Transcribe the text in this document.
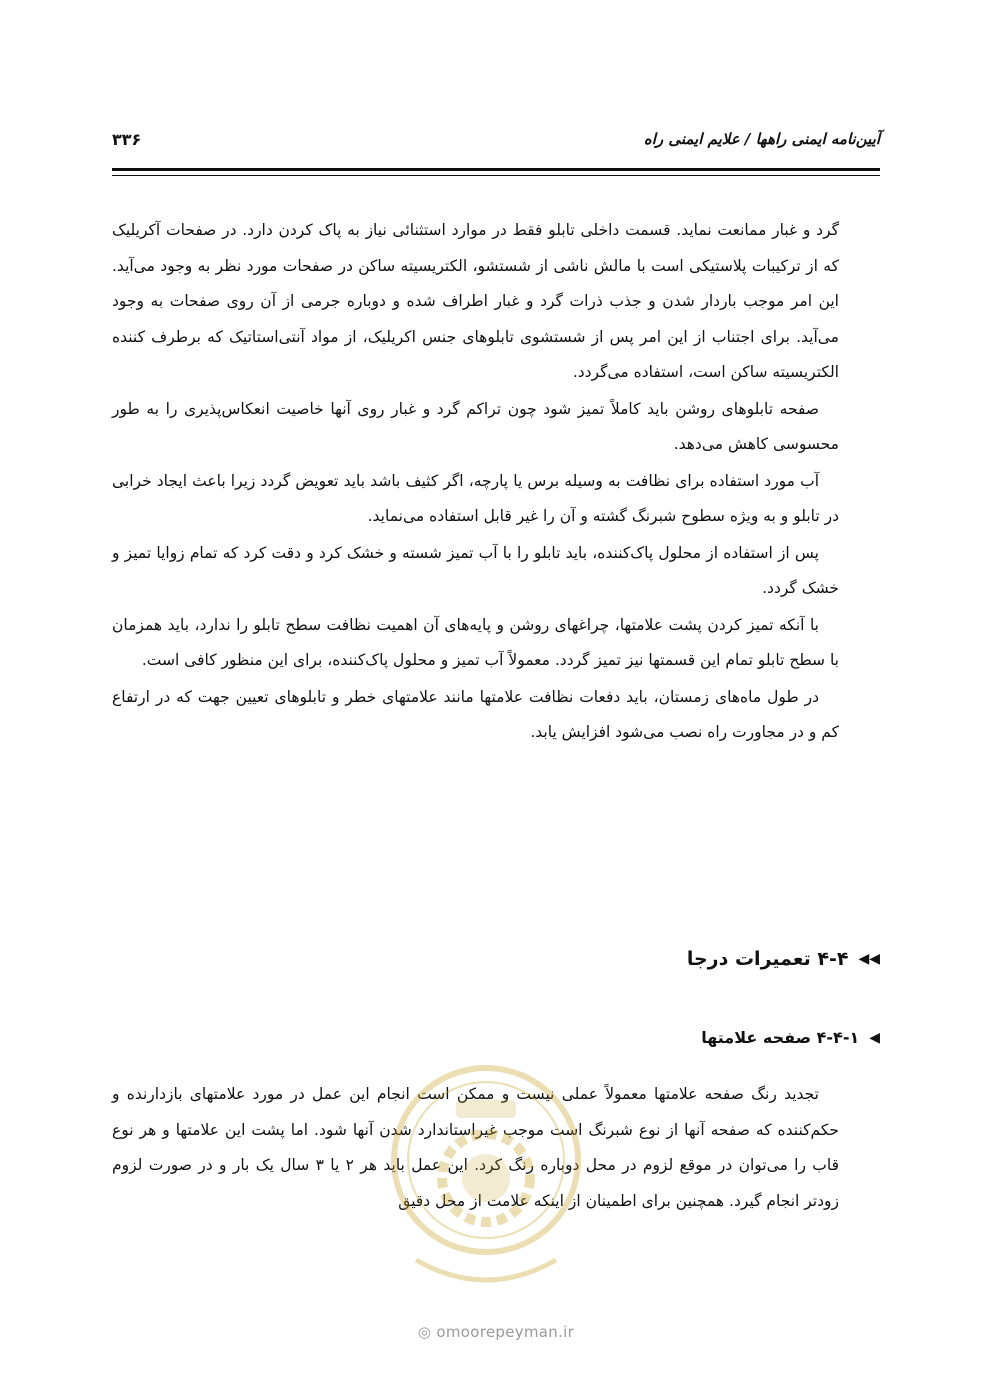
۳۳۶	آیین‌نامه ایمنی راهها / علایم ایمنی راه

گرد و غبار ممانعت نماید. قسمت داخلی تابلو فقط در موارد استثنائی نیاز به پاک کردن دارد. در صفحات آکریلیک که از ترکیبات پلاستیکی است با مالش ناشی از شستشو، الکتریسیته ساکن در صفحات مورد نظر به وجود می‌آید. این امر موجب باردار شدن و جذب ذرات گرد و غبار اطراف شده و دوباره جرمی از آن روی صفحات به وجود می‌آید. برای اجتناب از این امر پس از شستشوی تابلوهای جنس اکریلیک، از مواد آنتی‌استاتیک که برطرف کننده الکتریسیته ساکن است، استفاده می‌گردد.

صفحه تابلوهای روشن باید کاملاً تمیز شود چون تراکم گرد و غبار روی آنها خاصیت انعکاس‌پذیری را به طور محسوسی کاهش می‌دهد.

آب مورد استفاده برای نظافت به وسیله برس یا پارچه، اگر کثیف باشد باید تعویض گردد زیرا باعث ایجاد خرابی در تابلو و به ویژه سطوح شبرنگ گشته و آن را غیر قابل استفاده می‌نماید.

پس از استفاده از محلول پاک‌کننده، باید تابلو را با آب تمیز شسته و خشک کرد و دقت کرد که تمام زوایا تمیز و خشک گردد.

با آنکه تمیز کردن پشت علامتها، چراغهای روشن و پایه‌های آن اهمیت نظافت سطح تابلو را ندارد، باید همزمان با سطح تابلو تمام این قسمتها نیز تمیز گردد. معمولاً آب تمیز و محلول پاک‌کننده، برای این منظور کافی است.

در طول ماه‌های زمستان، باید دفعات نظافت علامتها مانند علامتهای خطر و تابلوهای تعیین جهت که در ارتفاع کم و در مجاورت راه نصب می‌شود افزایش یابد.

◀◀
۴-۴ تعمیرات درجا
◀
۴-۴-۱ صفحه علامتها

تجدید رنگ صفحه علامتها معمولاً عملی نیست و ممکن است انجام این عمل در مورد علامتهای بازدارنده و حکم‌کننده که صفحه آنها از نوع شبرنگ است موجب غیراستاندارد شدن آنها شود. اما پشت این علامتها و هر نوع قاب را می‌توان در موقع لزوم در محل دوباره رنگ کرد. این عمل باید هر ۲ یا ۳ سال یک بار و در صورت لزوم زودتر انجام گیرد. همچنین برای اطمینان از اینکه علامت از محل دقیق

◎ omoorepeyman.ir
